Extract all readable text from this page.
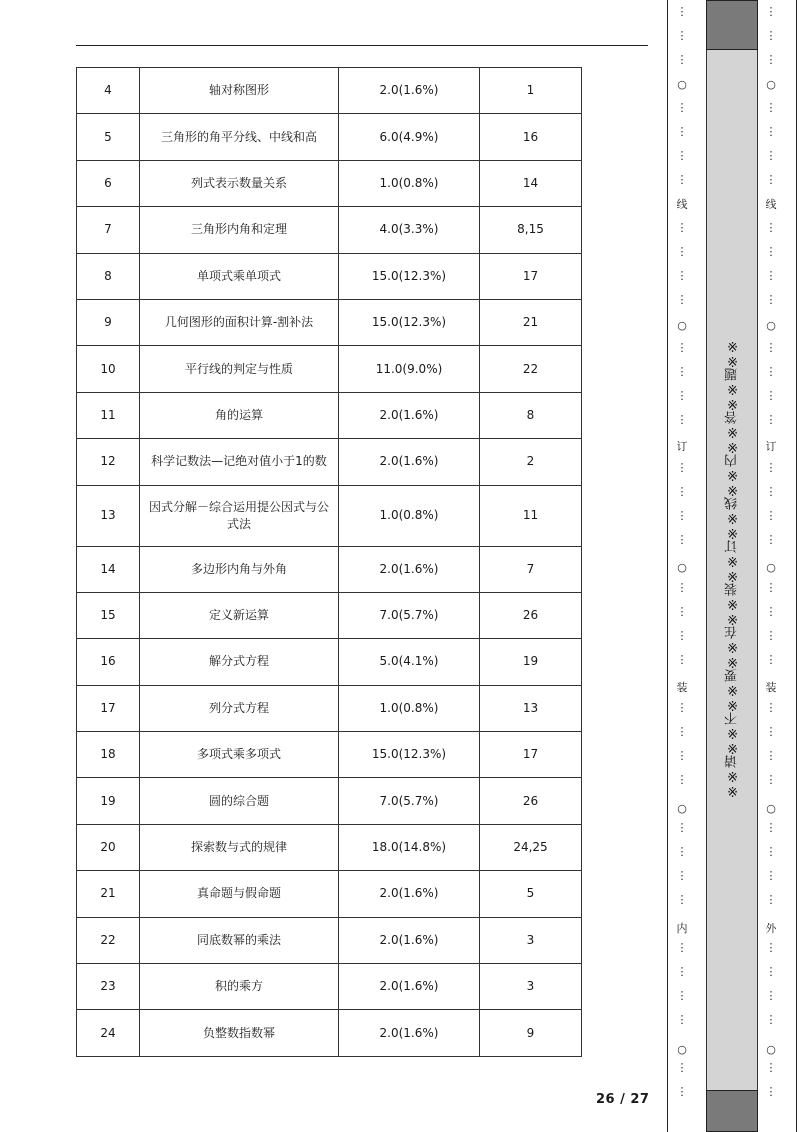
4	轴对称图形	2.0(1.6%)	1
5	三角形的角平分线、中线和高	6.0(4.9%)	16
6	列式表示数量关系	1.0(0.8%)	14
7	三角形内角和定理	4.0(3.3%)	8,15
8	单项式乘单项式	15.0(12.3%)	17
9	几何图形的面积计算-割补法	15.0(12.3%)	21
10	平行线的判定与性质	11.0(9.0%)	22
11	角的运算	2.0(1.6%)	8
12	科学记数法—记绝对值小于1的数	2.0(1.6%)	2
13	因式分解－综合运用提公因式与公式法	1.0(0.8%)	11
14	多边形内角与外角	2.0(1.6%)	7
15	定义新运算	7.0(5.7%)	26
16	解分式方程	5.0(4.1%)	19
17	列分式方程	1.0(0.8%)	13
18	多项式乘多项式	15.0(12.3%)	17
19	圆的综合题	7.0(5.7%)	26
20	探索数与式的规律	18.0(14.8%)	24,25
21	真命题与假命题	2.0(1.6%)	5
22	同底数幂的乘法	2.0(1.6%)	3
23	积的乘方	2.0(1.6%)	3
24	负整数指数幂	2.0(1.6%)	9
26 / 27
○
○
○
○
○
线
订
装
内
⋮
⋮
⋮
⋮
⋮
⋮
⋮
⋮
⋮
⋮
⋮
⋮
⋮
⋮
⋮
⋮
⋮
⋮
⋮
⋮
⋮
⋮
⋮
⋮
⋮
⋮
⋮
⋮
⋮
⋮
⋮
⋮
⋮
⋮
⋮
⋮
⋮
○
○
○
○
○
线
订
装
外
⋮
⋮
⋮
⋮
⋮
⋮
⋮
⋮
⋮
⋮
⋮
⋮
⋮
⋮
⋮
⋮
⋮
⋮
⋮
⋮
⋮
⋮
⋮
⋮
⋮
⋮
⋮
⋮
⋮
⋮
⋮
⋮
⋮
⋮
⋮
⋮
⋮
※※请※※不※※要※※在※※装※※订※※线※※内※※答※※题※※
